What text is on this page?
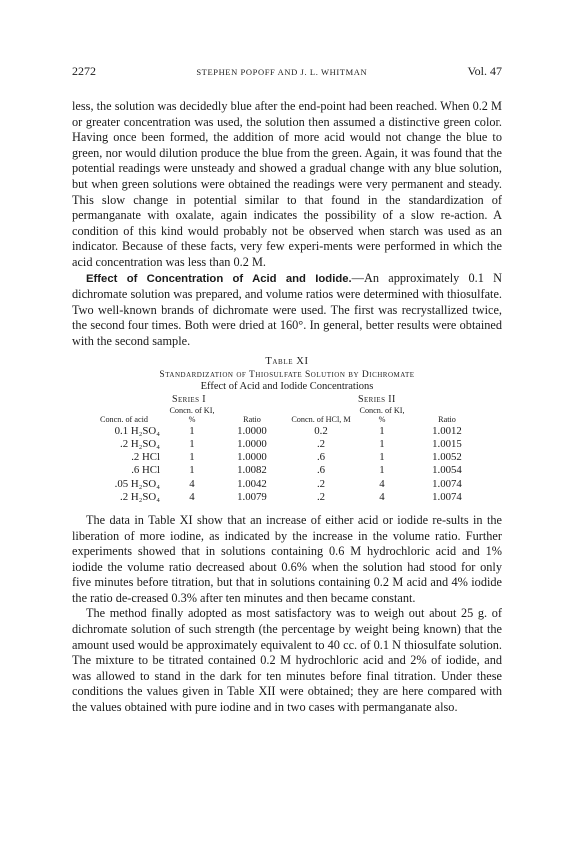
2272	STEPHEN POPOFF AND J. L. WHITMAN	Vol. 47

less, the solution was decidedly blue after the end-point had been reached. When 0.2 M or greater concentration was used, the solution then assumed a distinctive green color. Having once been formed, the addition of more acid would not change the blue to green, nor would dilution produce the blue from the green. Again, it was found that the potential readings were unsteady and showed a gradual change with any blue solution, but when green solutions were obtained the readings were very permanent and steady. This slow change in potential similar to that found in the standardization of permanganate with oxalate, again indicates the possibility of a slow re-action. A condition of this kind would probably not be observed when starch was used as an indicator. Because of these facts, very few experi-ments were performed in which the acid concentration was less than 0.2 M.

Effect of Concentration of Acid and Iodide.—An approximately 0.1 N dichromate solution was prepared, and volume ratios were determined with thiosulfate. Two well-known brands of dichromate were used. The first was recrystallized twice, the second four times. Both were dried at 160°. In general, better results were obtained with the second sample.

Table XI
Standardization of Thiosulfate Solution by Dichromate
Effect of Acid and Iodide Concentrations
	Series I			Series II	
Concn. of acid	Concn. of KI, %	Ratio	Concn. of HCl, M	Concn. of KI, %	Ratio
0.1 H₂SO₄	1	1.0000	0.2	1	1.0012
.2 H₂SO₄	1	1.0000	.2	1	1.0015
.2 HCl	1	1.0000	.6	1	1.0052
.6 HCl	1	1.0082	.6	1	1.0054
.05 H₂SO₄	4	1.0042	.2	4	1.0074
.2 H₂SO₄	4	1.0079	.2	4	1.0074

The data in Table XI show that an increase of either acid or iodide re-sults in the liberation of more iodine, as indicated by the increase in the volume ratio. Further experiments showed that in solutions containing 0.6 M hydrochloric acid and 1% iodide the volume ratio decreased about 0.6% when the solution had stood for only five minutes before titration, but that in solutions containing 0.2 M acid and 4% iodide the ratio de-creased 0.3% after ten minutes and then became constant.

The method finally adopted as most satisfactory was to weigh out about 25 g. of dichromate solution of such strength (the percentage by weight being known) that the amount used would be approximately equivalent to 40 cc. of 0.1 N thiosulfate solution. The mixture to be titrated contained 0.2 M hydrochloric acid and 2% of iodide, and was allowed to stand in the dark for ten minutes before final titration. Under these conditions the values given in Table XII were obtained; they are here compared with the values obtained with pure iodine and in two cases with permanganate also.
